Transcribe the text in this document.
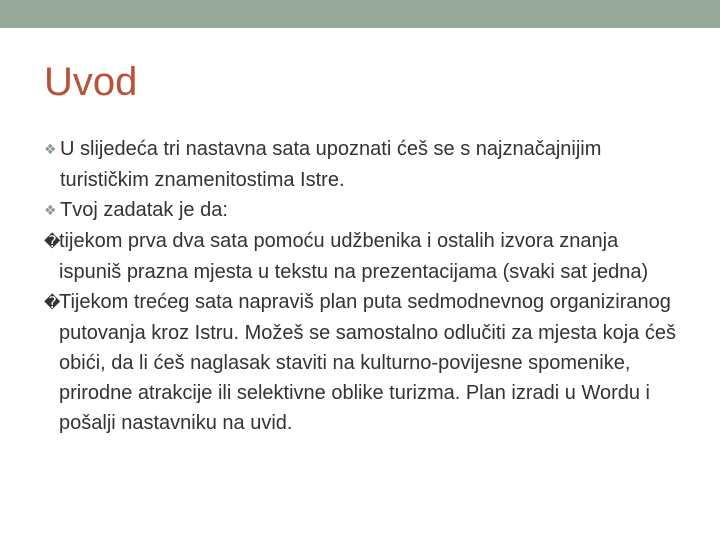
Uvod

❖ U slijedeća tri nastavna sata upoznati ćeš se s najznačajnijim turističkim znamenitostima Istre.

❖ Tvoj zadatak je da:

�tijekom prva dva sata pomoću udžbenika i ostalih izvora znanja ispuniš prazna mjesta u tekstu na prezentacijama (svaki sat jedna)

�Tijekom trećeg sata napraviš plan puta sedmodnevnog organiziranog putovanja kroz Istru. Možeš se samostalno odlučiti za mjesta koja ćeš obići, da li ćeš naglasak staviti na kulturno-povijesne spomenike, prirodne atrakcije ili selektivne oblike turizma. Plan izradi u Wordu i pošalji nastavniku na uvid.
